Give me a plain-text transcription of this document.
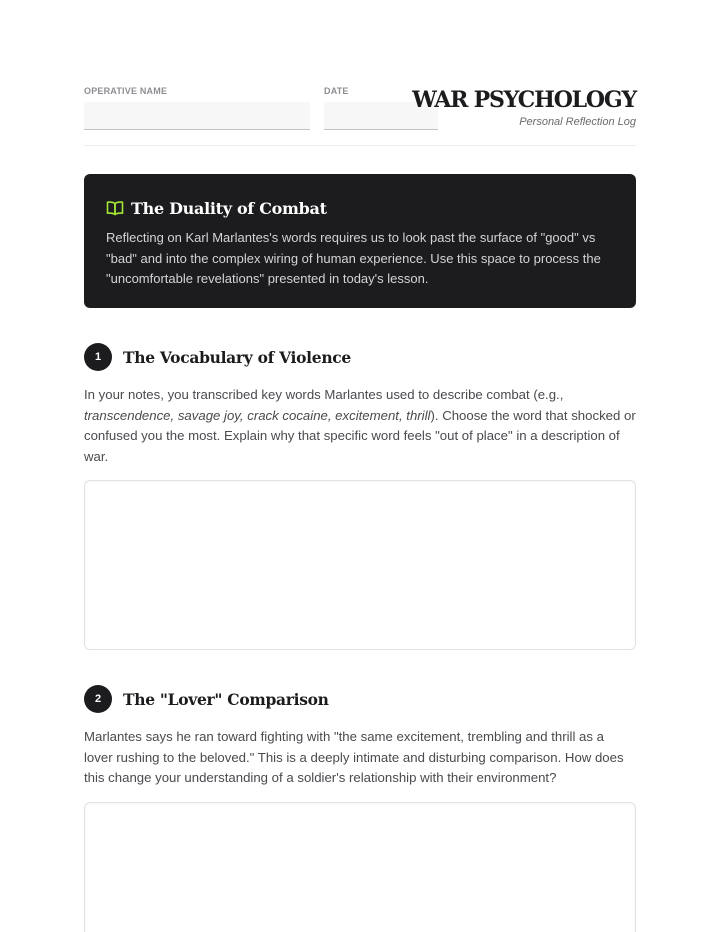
OPERATIVE NAME	DATE	WAR PSYCHOLOGY
Personal Reflection Log
The Duality of Combat

Reflecting on Karl Marlantes's words requires us to look past the surface of "good" vs "bad" and into the complex wiring of human experience. Use this space to process the "uncomfortable revelations" presented in today's lesson.

1	The Vocabulary of Violence

In your notes, you transcribed key words Marlantes used to describe combat (e.g., transcendence, savage joy, crack cocaine, excitement, thrill). Choose the word that shocked or confused you the most. Explain why that specific word feels "out of place" in a description of war.

2	The "Lover" Comparison

Marlantes says he ran toward fighting with "the same excitement, trembling and thrill as a lover rushing to the beloved." This is a deeply intimate and disturbing comparison. How does this change your understanding of a soldier's relationship with their environment?
